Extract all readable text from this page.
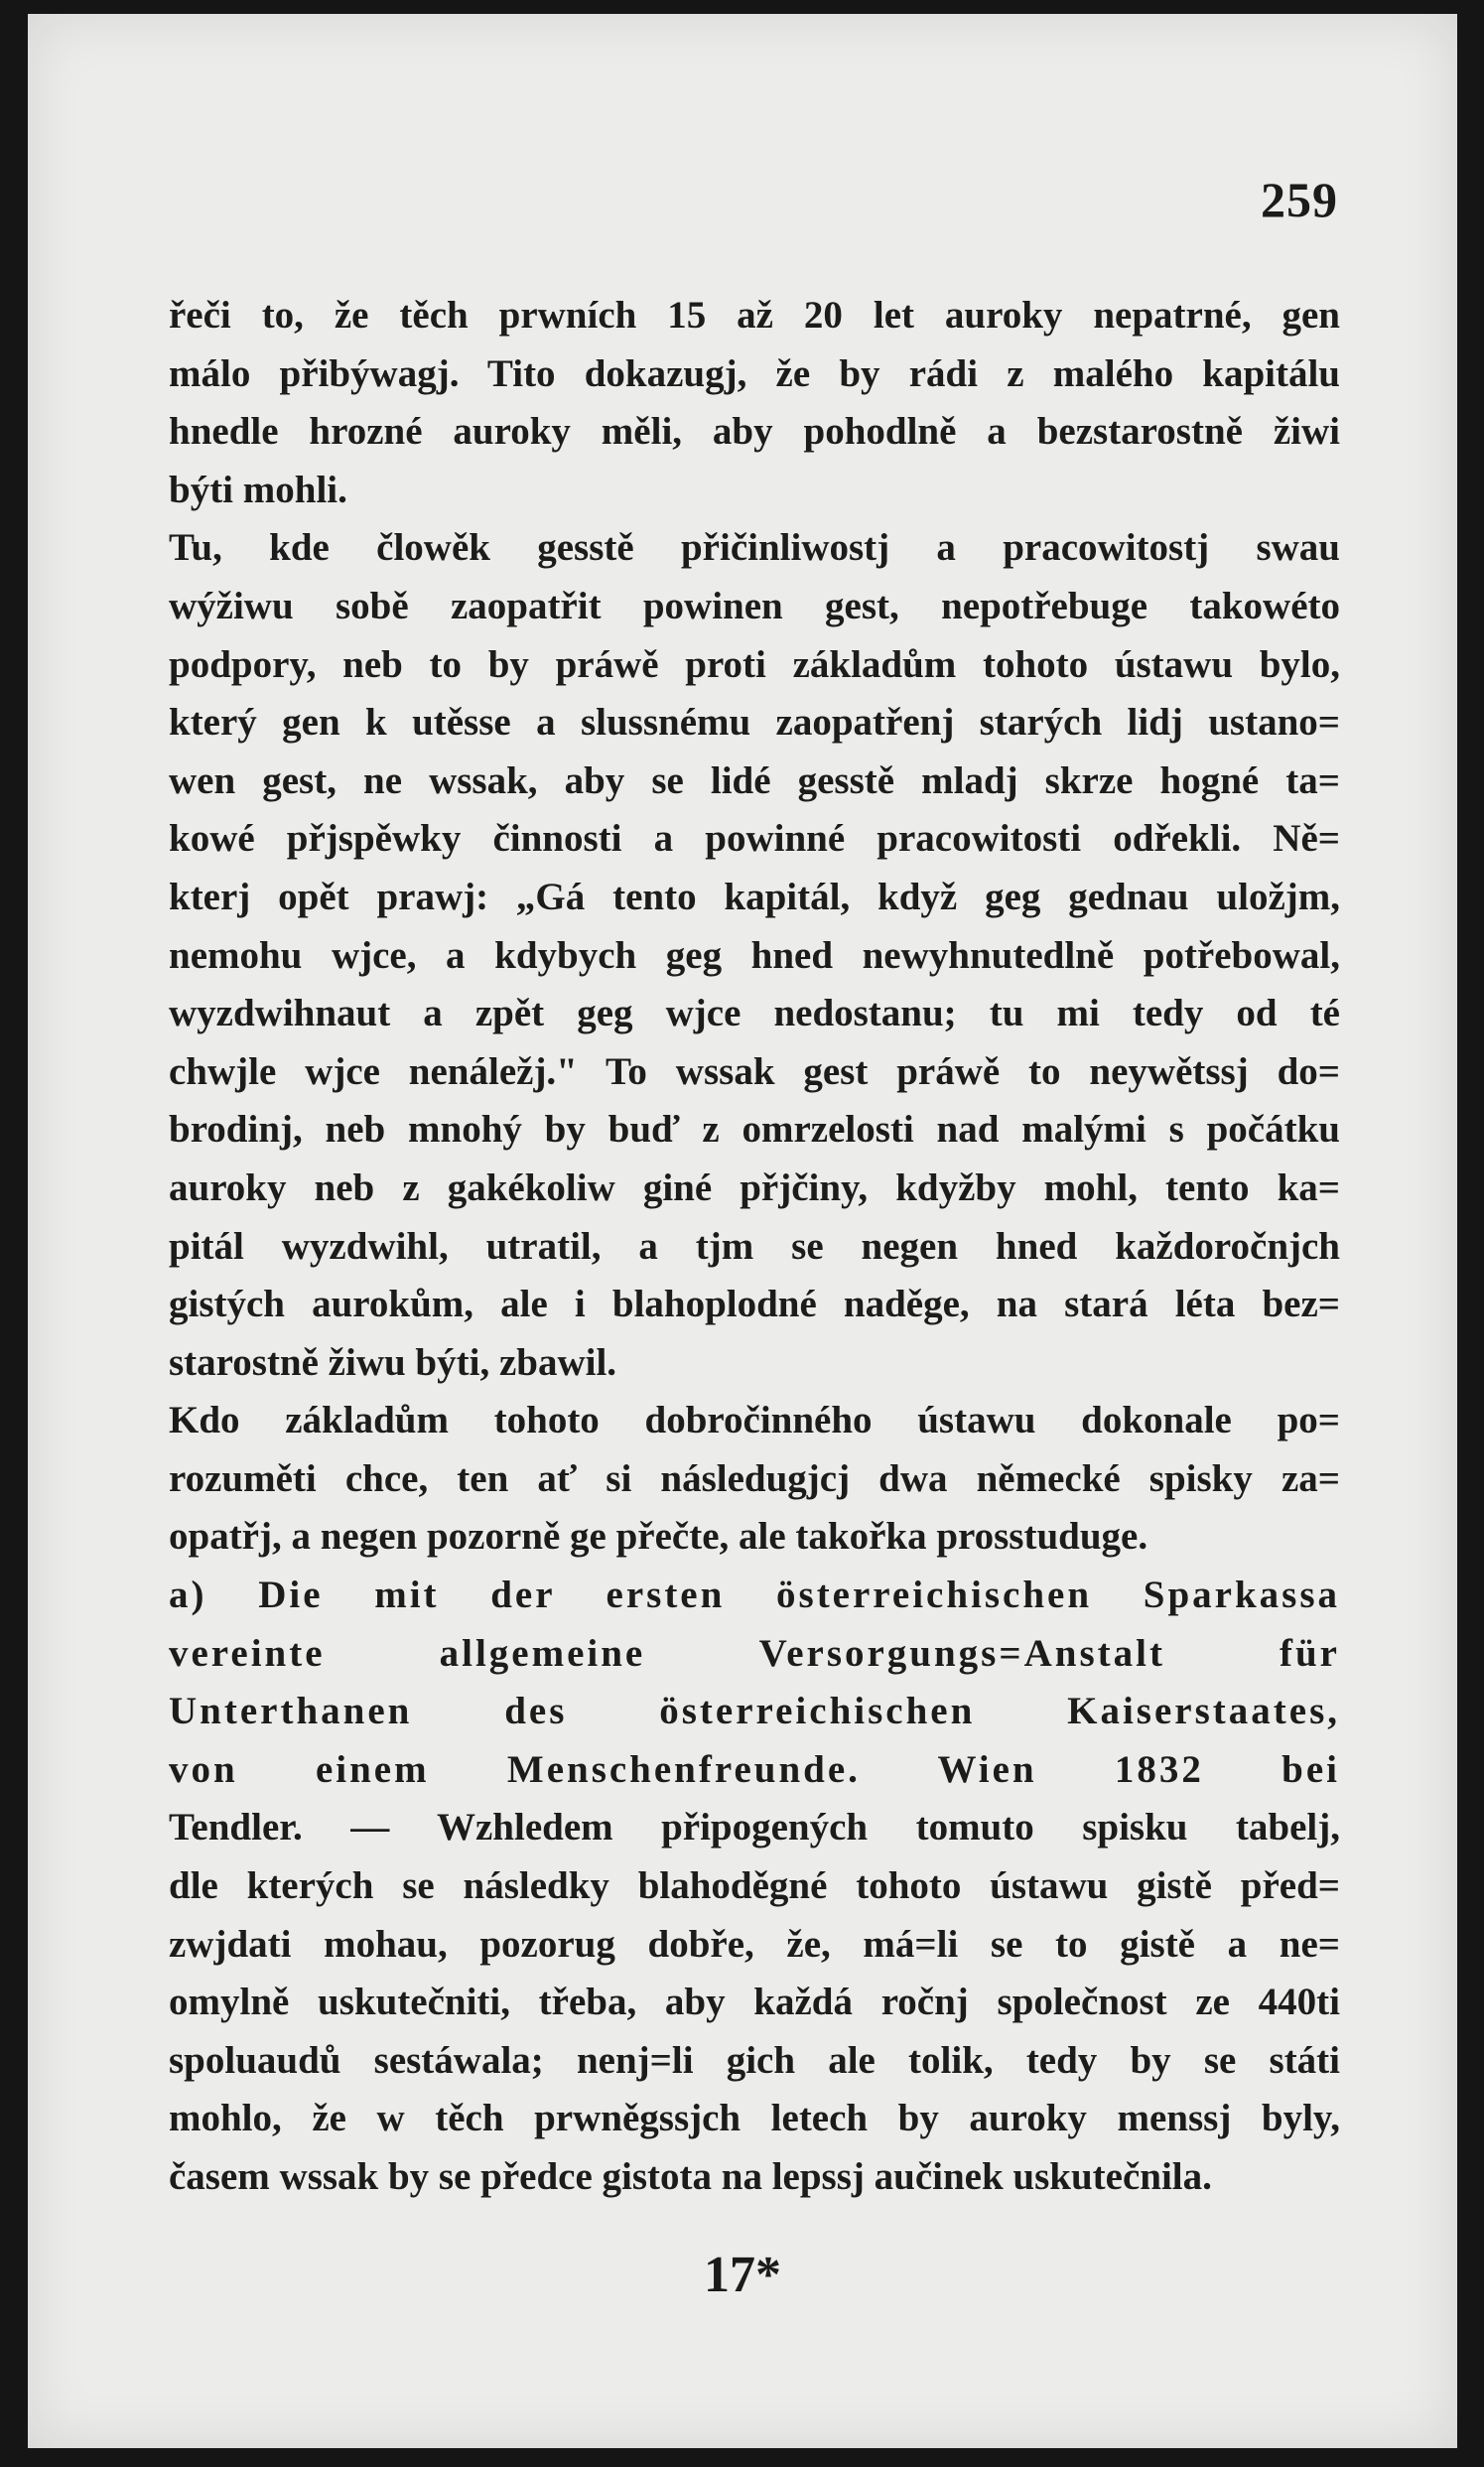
259
řeči to, že těch prwních 15 až 20 let auroky nepatrné, gen
málo přibýwagj. Tito dokazugj, že by rádi z malého kapitálu
hnedle hrozné auroky měli, aby pohodlně a bezstarostně žiwi
býti mohli.
Tu, kde člowěk gesstě přičinliwostj a pracowitostj swau
wýžiwu sobě zaopatřit powinen gest, nepotřebuge takowéto
podpory, neb to by práwě proti základům tohoto ústawu bylo,
který gen k utěsse a slussnému zaopatřenj starých lidj ustano=
wen gest, ne wssak, aby se lidé gesstě mladj skrze hogné ta=
kowé přjspěwky činnosti a powinné pracowitosti odřekli. Ně=
kterj opět prawj: „Gá tento kapitál, když geg gednau uložjm,
nemohu wjce, a kdybych geg hned newyhnutedlně potřebowal,
wyzdwihnaut a zpět geg wjce nedostanu; tu mi tedy od té
chwjle wjce nenáležj." To wssak gest práwě to neywětssj do=
brodinj, neb mnohý by buď z omrzelosti nad malými s počátku
auroky neb z gakékoliw giné přjčiny, kdyžby mohl, tento ka=
pitál wyzdwihl, utratil, a tjm se negen hned každoročnjch
gistých aurokům, ale i blahoplodné naděge, na stará léta bez=
starostně žiwu býti, zbawil.
Kdo základům tohoto dobročinného ústawu dokonale po=
rozuměti chce, ten ať si následugjcj dwa německé spisky za=
opatřj, a negen pozorně ge přečte, ale takořka prosstuduge.
a) Die mit der ersten österreichischen Sparkassa
vereinte allgemeine Versorgungs=Anstalt für
Unterthanen des österreichischen Kaiserstaates,
von einem Menschenfreunde. Wien 1832 bei
Tendler. — Wzhledem připogených tomuto spisku tabelj,
dle kterých se následky blahoděgné tohoto ústawu gistě před=
zwjdati mohau, pozorug dobře, že, má=li se to gistě a ne=
omylně uskutečniti, třeba, aby každá ročnj společnost ze 440ti
spoluaudů sestáwala; nenj=li gich ale tolik, tedy by se státi
mohlo, že w těch prwněgssjch letech by auroky menssj byly,
časem wssak by se předce gistota na lepssj aučinek uskutečnila.
17*
